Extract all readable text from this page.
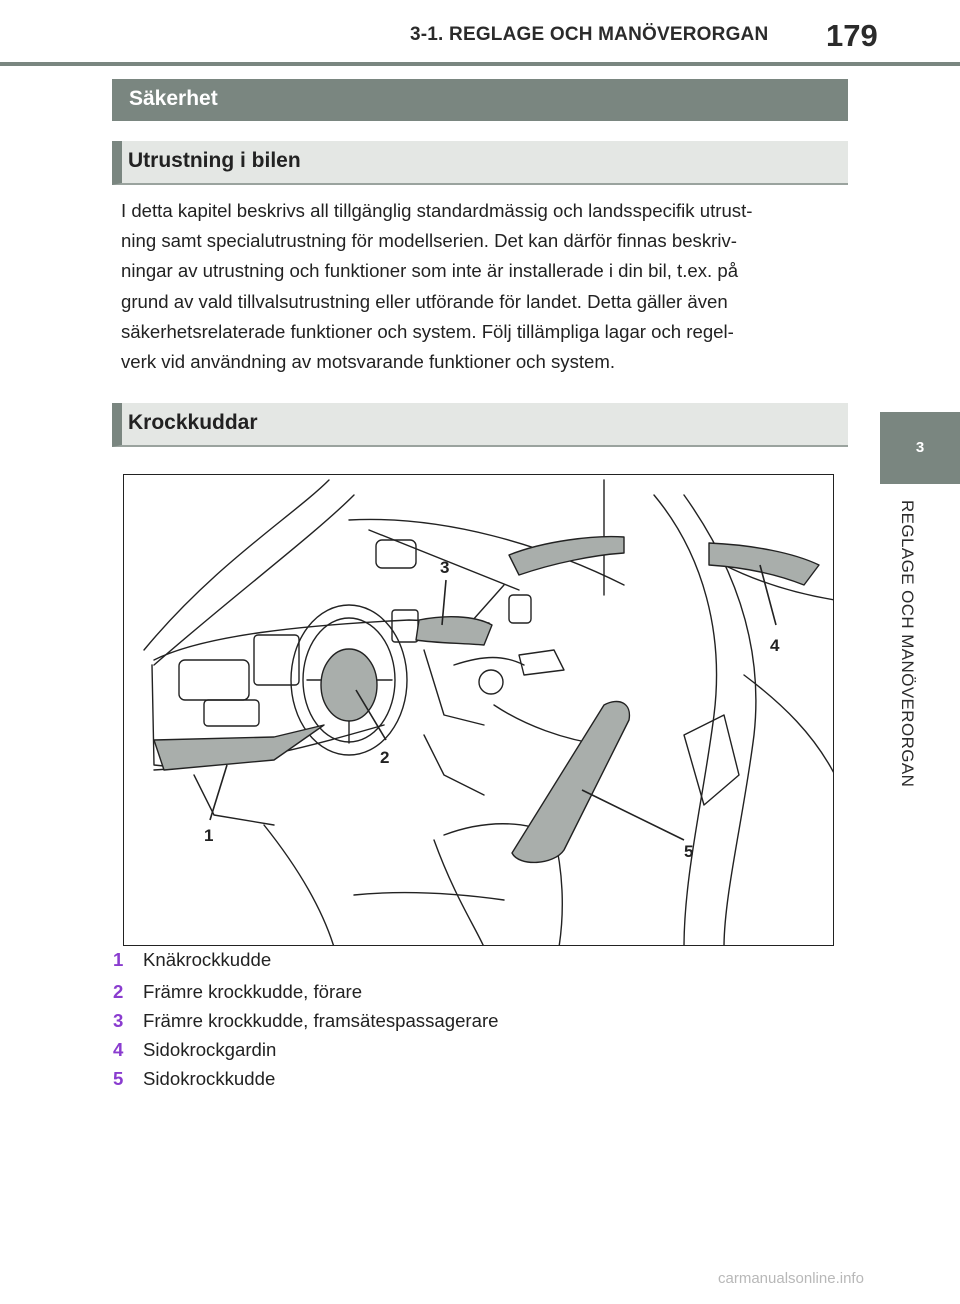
3-1. REGLAGE OCH MANÖVERORGAN 179
3
REGLAGE OCH MANÖVERORGAN
Säkerhet
Utrustning i bilen
I detta kapitel beskrivs all tillgänglig standardmässig och landsspecifik utrust-
ning samt specialutrustning för modellserien. Det kan därför finnas beskriv-
ningar av utrustning och funktioner som inte är installerade i din bil, t.ex. på
grund av vald tillvalsutrustning eller utförande för landet. Detta gäller även
säkerhetsrelaterade funktioner och system. Följ tillämpliga lagar och regel-
verk vid användning av motsvarande funktioner och system.
Krockkuddar
1
2
3
4
5
1 Knäkrockkudde
2 Främre krockkudde, förare
3 Främre krockkudde, framsätespassagerare
4 Sidokrockgardin
5 Sidokrockkudde
carmanualsonline.info
